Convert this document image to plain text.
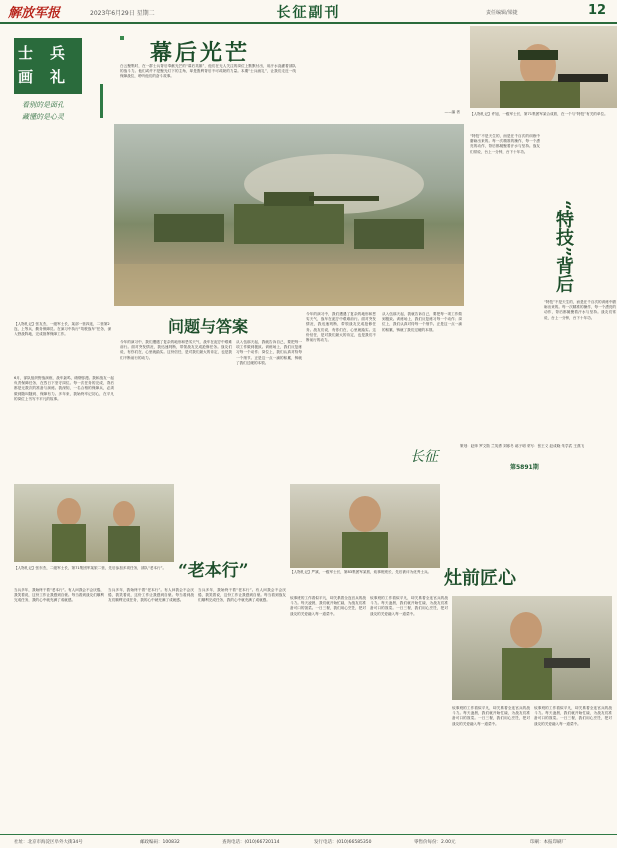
解放军报	2023年6月29日 星期二	长征副刊	责任编辑/梁捷	12
士 兵
画 礼
看别的是面孔
藏懂的是心灵
幕后光芒
白云聚集时，在一群士兵背后奉献光芒的“幕后英雄”，他们在无人关注的岗位上默默付出，用汗水浇灌着部队的战斗力。他们或许不是聚光灯下的主角，却是胜利背后不可或缺的力量。本期“士兵画礼”，让我们走近一线保障战位，聆听他们的奋斗故事。
——编 者
【人物札记】张友杰，一级军士长，某部一营四连，二营第2连，上等兵，勤务保障员。在演习中执行“驾驶战车”任务，深入野战阵地，完成指挥保障工作。
6月，部队组织野战演练，战车轰鸣，硝烟弥漫。我和战友一起负责保障任务，在烈日下坚守岗位。每一次任务的完成，背后都是无数次的准备与演练。我深知，一名合格的保障兵，必须做到随叫随到、保障有力。多年来，我始终牢记初心，在平凡的岗位上书写不平凡的故事。
问题与答案
今年的演习中，我们遭遇了复杂的地形和恶劣天气，战车在泥泞中艰难前行。面对突发情况，我迅速判断，带领战友完成抢修任务。战友们说，有你们在，心里就踏实。这份信任，是对我们最大的肯定，也是我们不断前行的动力。
从入伍那天起，我就告诉自己，要把每一项工作做到极致。训练场上，我们反复练习每一个动作；岗位上，我们认真对待每一个细节。正是这一点一滴的积累，铸就了我们过硬的本领。
今年的演习中，我们遭遇了复杂的地形和恶劣天气，战车在泥泞中艰难前行。面对突发情况，我迅速判断，带领战友完成抢修任务。战友们说，有你们在，心里就踏实。这份信任，是对我们最大的肯定，也是我们不断前行的动力。
从入伍那天起，我就告诉自己，要把每一项工作做到极致。训练场上，我们反复练习每一个动作；岗位上，我们认真对待每一个细节。正是这一点一滴的积累，铸就了我们过硬的本领。
【人物札记】许旭，一级军士长，第71集团军某合成旅，在一个与“特技”有关的单位。
“特技”不是天生的，而是在千百次的训练中磨砺出来的。每一次精准的操作，每一个漂亮的动作，背后都凝聚着汗水与坚持。战友们常说，台上一分钟，台下十年功。
“特技”背后
“特技”不是天生的，而是在千百次的训练中磨砺出来的。每一次精准的操作，每一个漂亮的动作，背后都凝聚着汗水与坚持。战友们常说，台上一分钟，台下十年功。
长征
策划：赵帅 罗文勋 兰英勇 刘寒冬 郝子明 采写：张王义 赵成晓 朱学武 王燕飞
第5891期
【人物札记】张东杰，二级军士长，第71集团军某旅二营，先后参加多项任务，部队“老本行”。
【人物札记】严斌，一级军士长，第83集团军某旅，炊事班班长，先后被评为优秀士兵。
“老本行”
当兵多年，我始终干着“老本行”。有人问我会不会厌倦，我笑着说，这份工作让我感到自豪。每当看到战友们顺利完成任务，我的心中就充满了成就感。
当兵多年，我始终干着“老本行”。有人问我会不会厌倦，我笑着说，这份工作让我感到自豪。每当看到战友们顺利完成任务，我的心中就充满了成就感。
当兵多年，我始终干着“老本行”。有人问我会不会厌倦，我笑着说，这份工作让我感到自豪。每当看到战友们顺利完成任务，我的心中就充满了成就感。
灶前匠心
炊事班的工作看似平凡，却关系着全连官兵的战斗力。每天凌晨，我们就开始忙碌，为战友们准备可口的饭菜。一日三餐，我们用心烹饪，把对战友的关爱融入每一道菜中。
炊事班的工作看似平凡，却关系着全连官兵的战斗力。每天凌晨，我们就开始忙碌，为战友们准备可口的饭菜。一日三餐，我们用心烹饪，把对战友的关爱融入每一道菜中。
炊事班的工作看似平凡，却关系着全连官兵的战斗力。每天凌晨，我们就开始忙碌，为战友们准备可口的饭菜。一日三餐，我们用心烹饪，把对战友的关爱融入每一道菜中。
炊事班的工作看似平凡，却关系着全连官兵的战斗力。每天凌晨，我们就开始忙碌，为战友们准备可口的饭菜。一日三餐，我们用心烹饪，把对战友的关爱融入每一道菜中。
社址：北京市海淀区阜外大街34号	邮政编码：100832	查询电话：(010)66720114	发行电话：(010)66585350	零售价每份：2.00元	印刷：本报印刷厂
